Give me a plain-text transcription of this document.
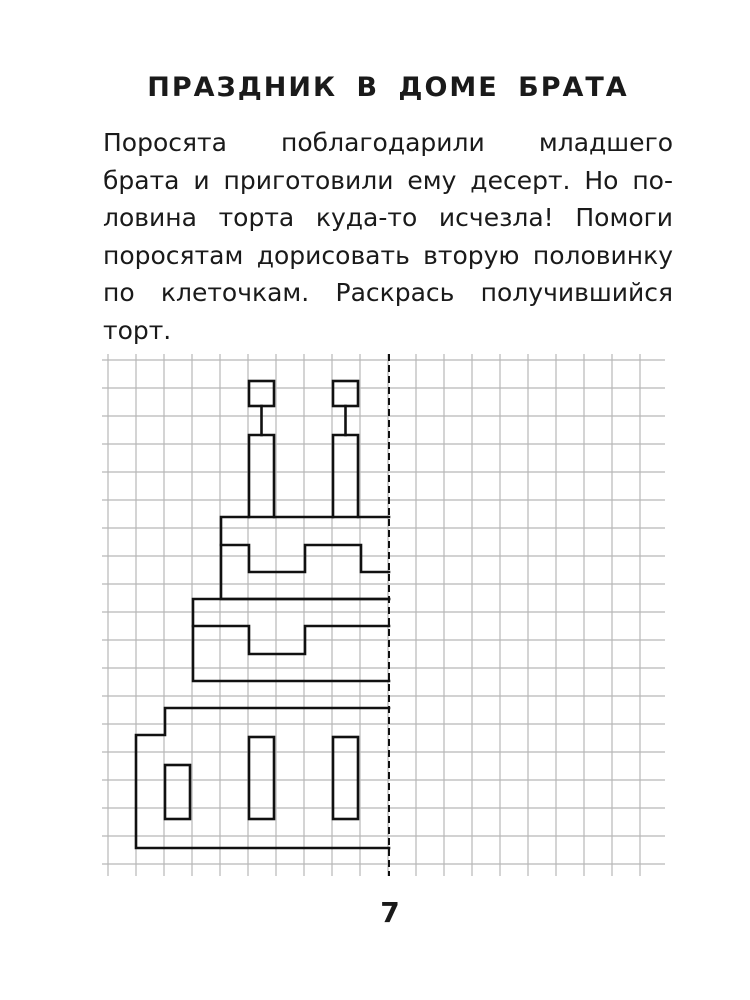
ПРАЗДНИК В ДОМЕ БРАТА

Поросята поблагодарили младшего
брата и приготовили ему десерт. Но по-
ловина торта куда-то исчезла! Помоги
поросятам дорисовать вторую половинку
по клеточкам. Раскрась получившийся
торт.

7
